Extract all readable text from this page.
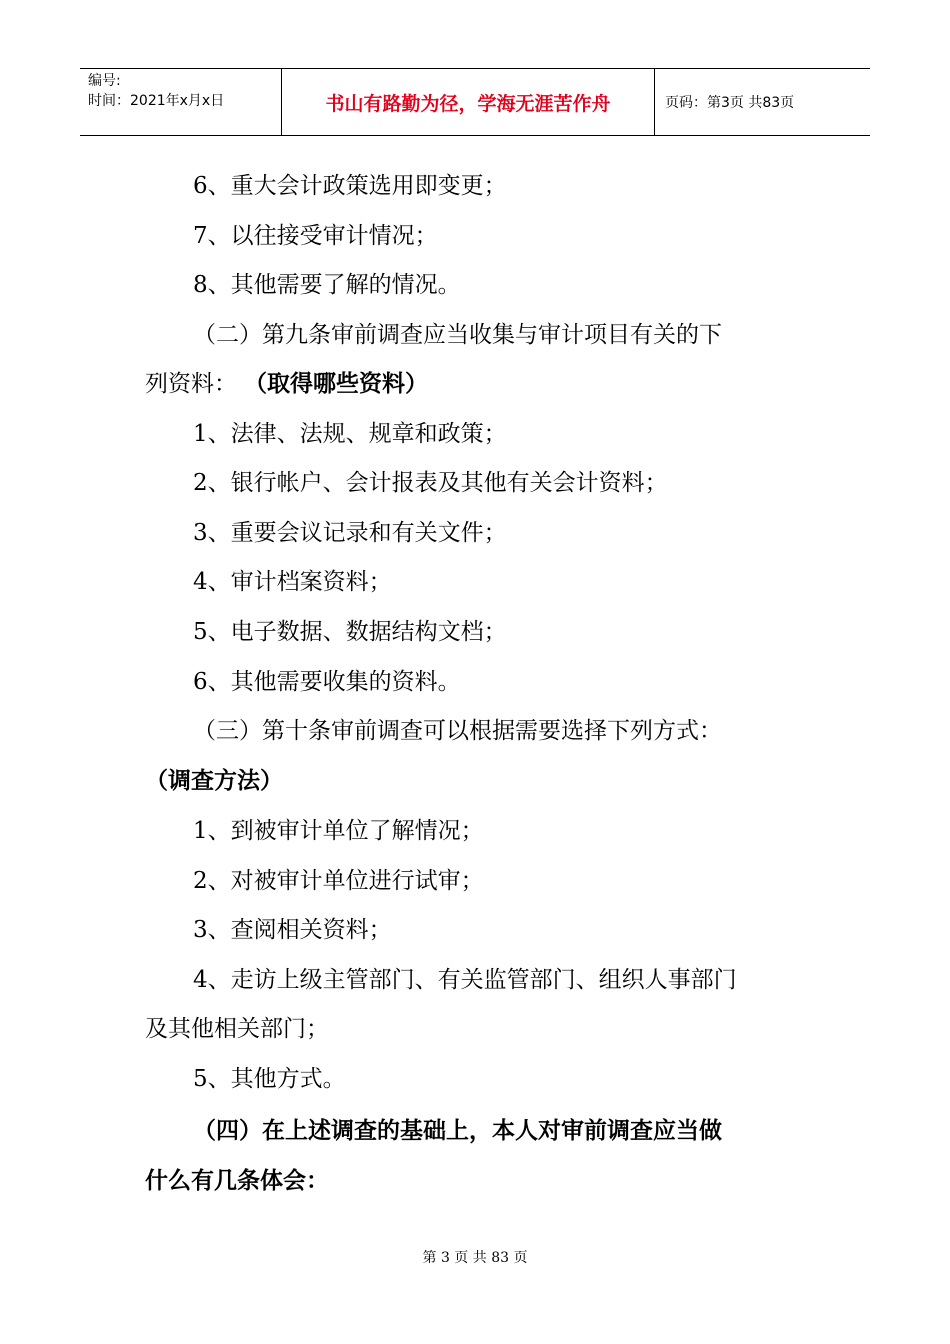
编号:
时间：2021年x月x日	书山有路勤为径，学海无涯苦作舟	页码：第3页 共83页
6、重大会计政策选用即变更；
7、以往接受审计情况；
8、其他需要了解的情况。
（二）第九条审前调查应当收集与审计项目有关的下
列资料： （取得哪些资料）
1、法律、法规、规章和政策；
2、银行帐户、会计报表及其他有关会计资料；
3、重要会议记录和有关文件；
4、审计档案资料；
5、电子数据、数据结构文档；
6、其他需要收集的资料。
（三）第十条审前调查可以根据需要选择下列方式：
（调查方法）
1、到被审计单位了解情况；
2、对被审计单位进行试审；
3、查阅相关资料；
4、走访上级主管部门、有关监管部门、组织人事部门
及其他相关部门；
5、其他方式。
（四）在上述调查的基础上，本人对审前调查应当做
什么有几条体会：
第 3 页 共 83 页
